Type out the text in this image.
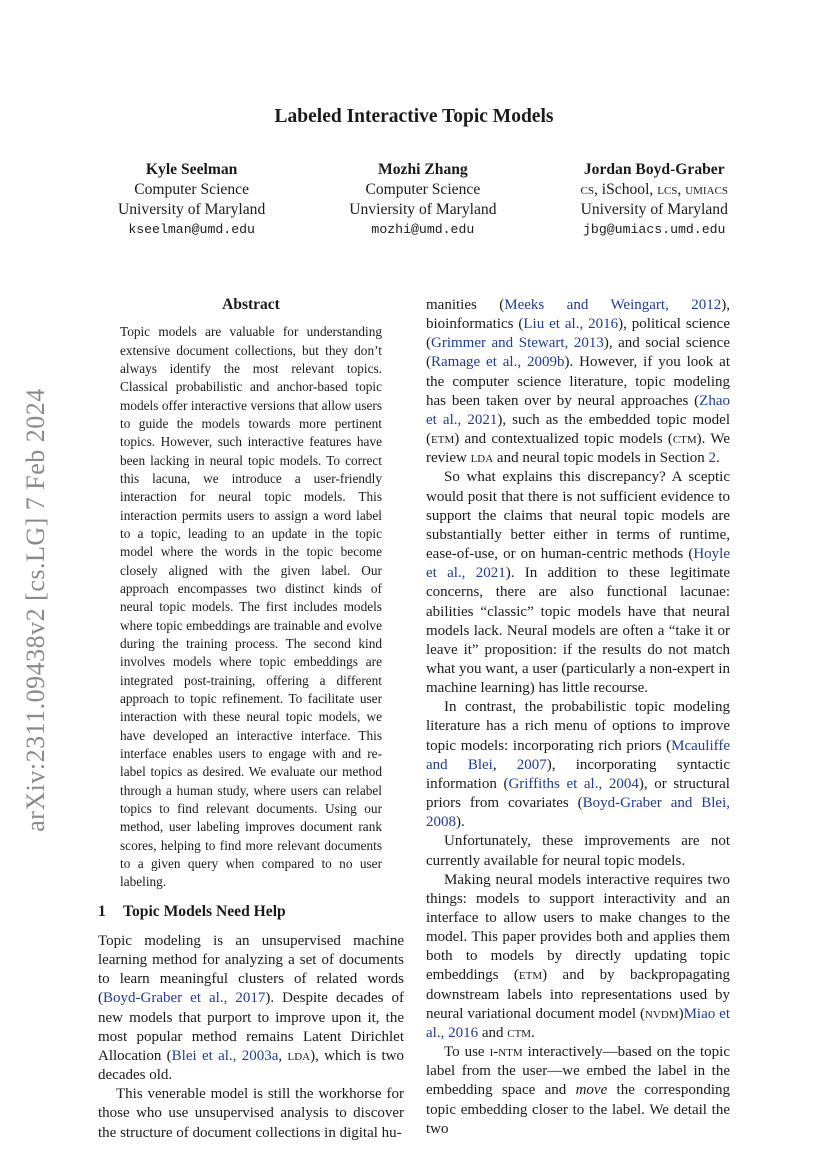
arXiv:2311.09438v2 [cs.LG] 7 Feb 2024
Labeled Interactive Topic Models
Kyle Seelman
Computer Science
University of Maryland
kseelman@umd.edu
Mozhi Zhang
Computer Science
Unviersity of Maryland
mozhi@umd.edu
Jordan Boyd-Graber
cs, iSchool, lcs, umiacs
University of Maryland
jbg@umiacs.umd.edu
Abstract

Topic models are valuable for understanding extensive document collections, but they don’t always identify the most relevant topics. Classical probabilistic and anchor-based topic models offer interactive versions that allow users to guide the models towards more pertinent topics. However, such interactive features have been lacking in neural topic models. To correct this lacuna, we introduce a user-friendly interaction for neural topic models. This interaction permits users to assign a word label to a topic, leading to an update in the topic model where the words in the topic become closely aligned with the given label. Our approach encompasses two distinct kinds of neural topic models. The first includes models where topic embeddings are trainable and evolve during the training process. The second kind involves models where topic embeddings are integrated post-training, offering a different approach to topic refinement. To facilitate user interaction with these neural topic models, we have developed an interactive interface. This interface enables users to engage with and re-label topics as desired. We evaluate our method through a human study, where users can relabel topics to find relevant documents. Using our method, user labeling improves document rank scores, helping to find more relevant documents to a given query when compared to no user labeling.

1 Topic Models Need Help

Topic modeling is an unsupervised machine learning method for analyzing a set of documents to learn meaningful clusters of related words (Boyd-Graber et al., 2017). Despite decades of new models that purport to improve upon it, the most popular method remains Latent Dirichlet Allocation (Blei et al., 2003a, lda), which is two decades old.

This venerable model is still the workhorse for those who use unsupervised analysis to discover the structure of document collections in digital hu-

manities (Meeks and Weingart, 2012), bioinformatics (Liu et al., 2016), political science (Grimmer and Stewart, 2013), and social science (Ramage et al., 2009b). However, if you look at the computer science literature, topic modeling has been taken over by neural approaches (Zhao et al., 2021), such as the embedded topic model (etm) and contextualized topic models (ctm). We review lda and neural topic models in Section 2.

So what explains this discrepancy? A sceptic would posit that there is not sufficient evidence to support the claims that neural topic models are substantially better either in terms of runtime, ease-of-use, or on human-centric methods (Hoyle et al., 2021). In addition to these legitimate concerns, there are also functional lacunae: abilities “classic” topic models have that neural models lack. Neural models are often a “take it or leave it” proposition: if the results do not match what you want, a user (particularly a non-expert in machine learning) has little recourse.

In contrast, the probabilistic topic modeling literature has a rich menu of options to improve topic models: incorporating rich priors (Mcauliffe and Blei, 2007), incorporating syntactic information (Griffiths et al., 2004), or structural priors from covariates (Boyd-Graber and Blei, 2008).

Unfortunately, these improvements are not currently available for neural topic models.

Making neural models interactive requires two things: models to support interactivity and an interface to allow users to make changes to the model. This paper provides both and applies them both to models by directly updating topic embeddings (etm) and by backpropagating downstream labels into representations used by neural variational document model (nvdm)Miao et al., 2016 and ctm.

To use i-ntm interactively—based on the topic label from the user—we embed the label in the embedding space and move the corresponding topic embedding closer to the label. We detail the two
